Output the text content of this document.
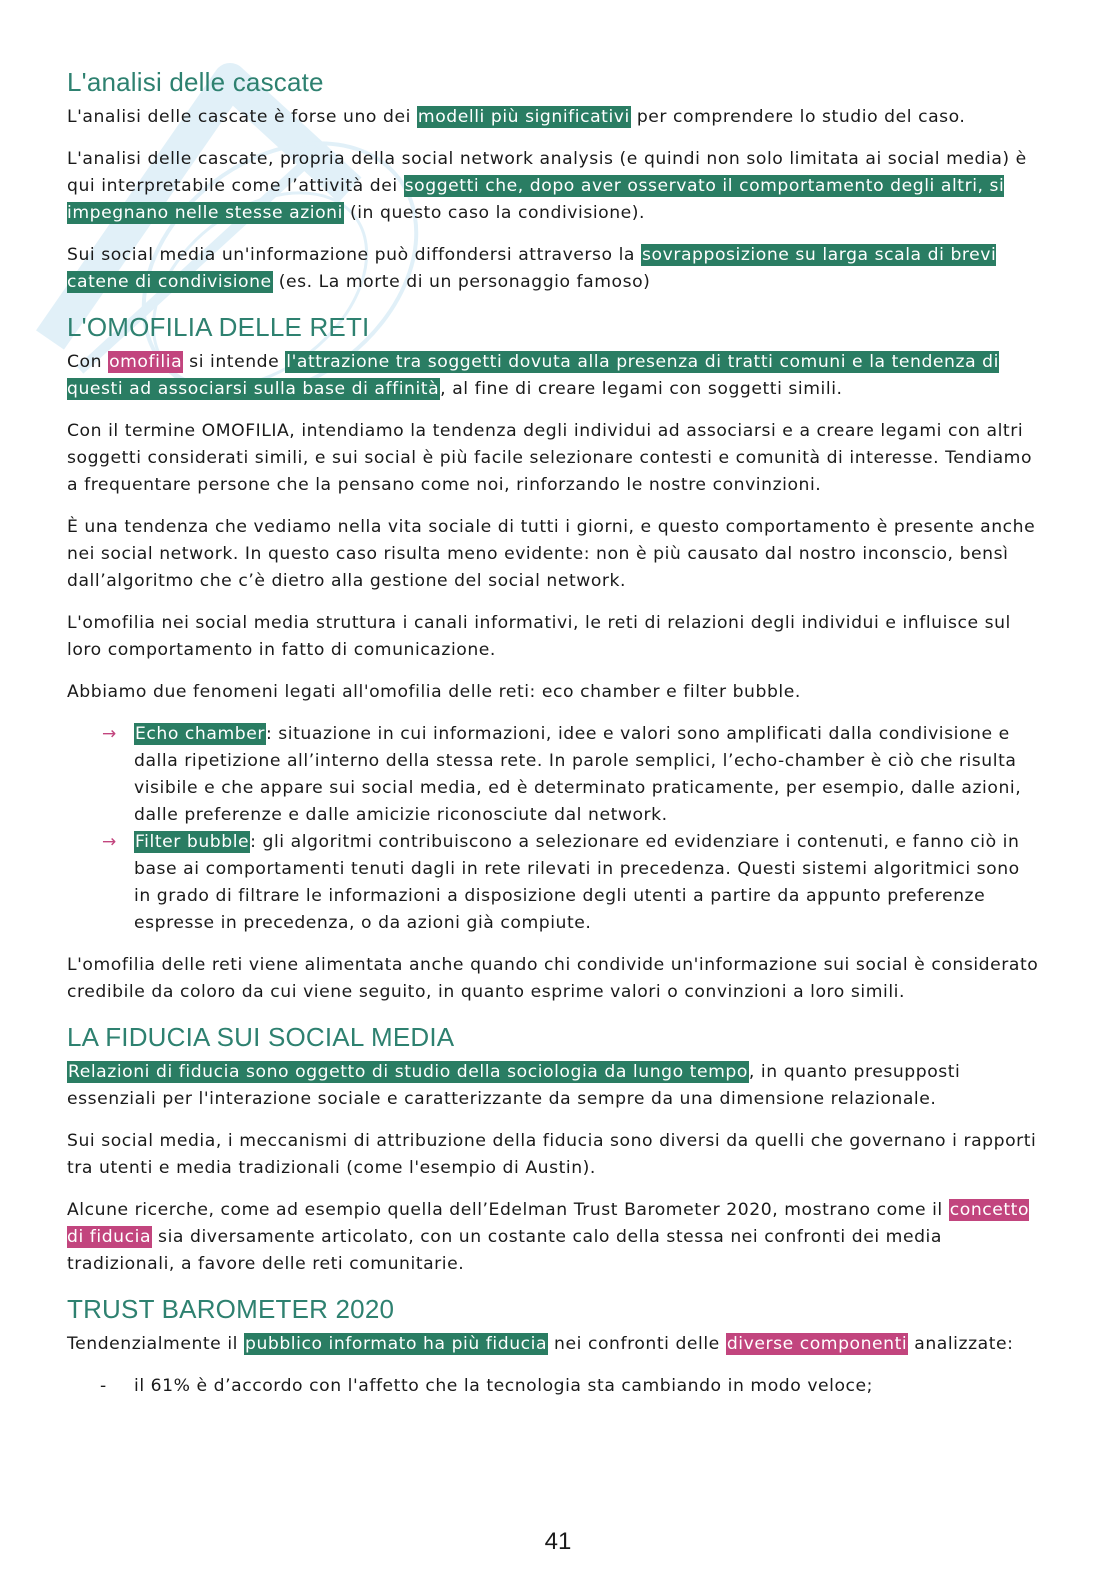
L'analisi delle cascate

L'analisi delle cascate è forse uno dei modelli più significativi per comprendere lo studio del caso.

L'analisi delle cascate, propria della social network analysis (e quindi non solo limitata ai social media) è qui interpretabile come l’attività dei soggetti che, dopo aver osservato il comportamento degli altri, si impegnano nelle stesse azioni (in questo caso la condivisione).

Sui social media un'informazione può diffondersi attraverso la sovrapposizione su larga scala di brevi catene di condivisione (es. La morte di un personaggio famoso)

L'OMOFILIA DELLE RETI

Con omofilia si intende l'attrazione tra soggetti dovuta alla presenza di tratti comuni e la tendenza di questi ad associarsi sulla base di affinità, al fine di creare legami con soggetti simili.

Con il termine OMOFILIA, intendiamo la tendenza degli individui ad associarsi e a creare legami con altri soggetti considerati simili, e sui social è più facile selezionare contesti e comunità di interesse. Tendiamo a frequentare persone che la pensano come noi, rinforzando le nostre convinzioni.

È una tendenza che vediamo nella vita sociale di tutti i giorni, e questo comportamento è presente anche nei social network. In questo caso risulta meno evidente: non è più causato dal nostro inconscio, bensì dall’algoritmo che c’è dietro alla gestione del social network.

L'omofilia nei social media struttura i canali informativi, le reti di relazioni degli individui e influisce sul loro comportamento in fatto di comunicazione.

Abbiamo due fenomeni legati all'omofilia delle reti: eco chamber e filter bubble.

→ Echo chamber: situazione in cui informazioni, idee e valori sono amplificati dalla condivisione e dalla ripetizione all’interno della stessa rete. In parole semplici, l’echo-chamber è ciò che risulta visibile e che appare sui social media, ed è determinato praticamente, per esempio, dalle azioni, dalle preferenze e dalle amicizie riconosciute dal network.
→ Filter bubble: gli algoritmi contribuiscono a selezionare ed evidenziare i contenuti, e fanno ciò in base ai comportamenti tenuti dagli in rete rilevati in precedenza. Questi sistemi algoritmici sono in grado di filtrare le informazioni a disposizione degli utenti a partire da appunto preferenze espresse in precedenza, o da azioni già compiute.

L'omofilia delle reti viene alimentata anche quando chi condivide un'informazione sui social è considerato credibile da coloro da cui viene seguito, in quanto esprime valori o convinzioni a loro simili.

LA FIDUCIA SUI SOCIAL MEDIA

Relazioni di fiducia sono oggetto di studio della sociologia da lungo tempo, in quanto presupposti essenziali per l'interazione sociale e caratterizzante da sempre da una dimensione relazionale.

Sui social media, i meccanismi di attribuzione della fiducia sono diversi da quelli che governano i rapporti tra utenti e media tradizionali (come l'esempio di Austin).

Alcune ricerche, come ad esempio quella dell’Edelman Trust Barometer 2020, mostrano come il concetto di fiducia sia diversamente articolato, con un costante calo della stessa nei confronti dei media tradizionali, a favore delle reti comunitarie.

TRUST BAROMETER 2020

Tendenzialmente il pubblico informato ha più fiducia nei confronti delle diverse componenti analizzate:

- il 61% è d’accordo con l'affetto che la tecnologia sta cambiando in modo veloce;
41
